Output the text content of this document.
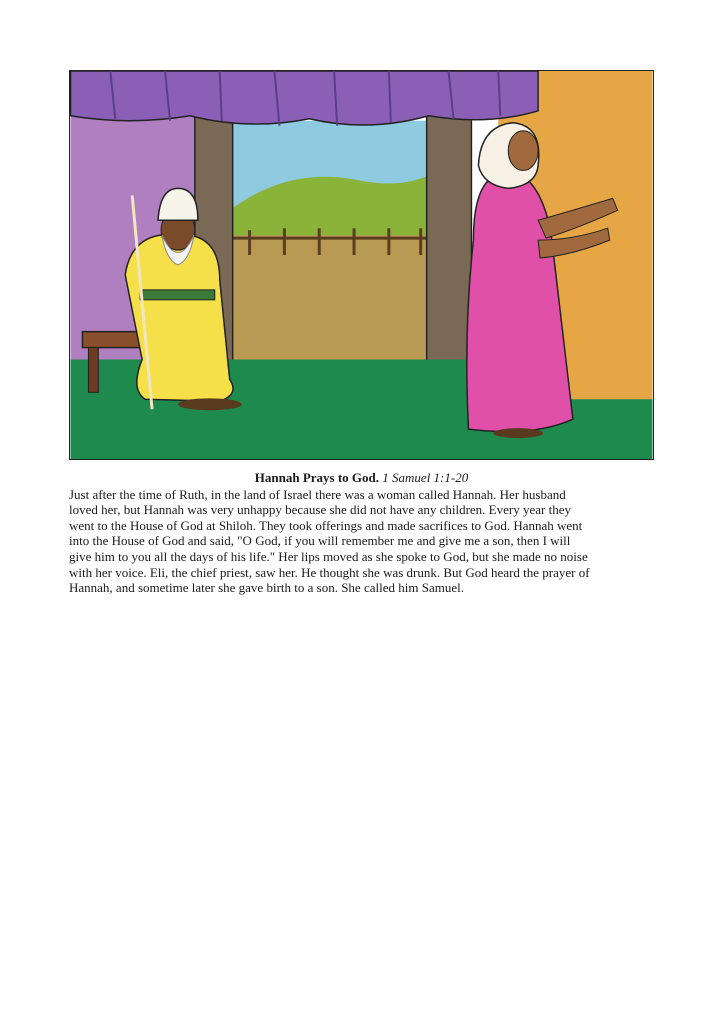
Hannah Prays to God. 1 Samuel 1:1-20
Just after the time of Ruth, in the land of Israel there was a woman called Hannah. Her husband
loved her, but Hannah was very unhappy because she did not have any children. Every year they
went to the House of God at Shiloh. They took offerings and made sacrifices to God. Hannah went
into the House of God and said, "O God, if you will remember me and give me a son, then I will
give him to you all the days of his life." Her lips moved as she spoke to God, but she made no noise
with her voice. Eli, the chief priest, saw her. He thought she was drunk. But God heard the prayer of
Hannah, and sometime later she gave birth to a son. She called him Samuel.
